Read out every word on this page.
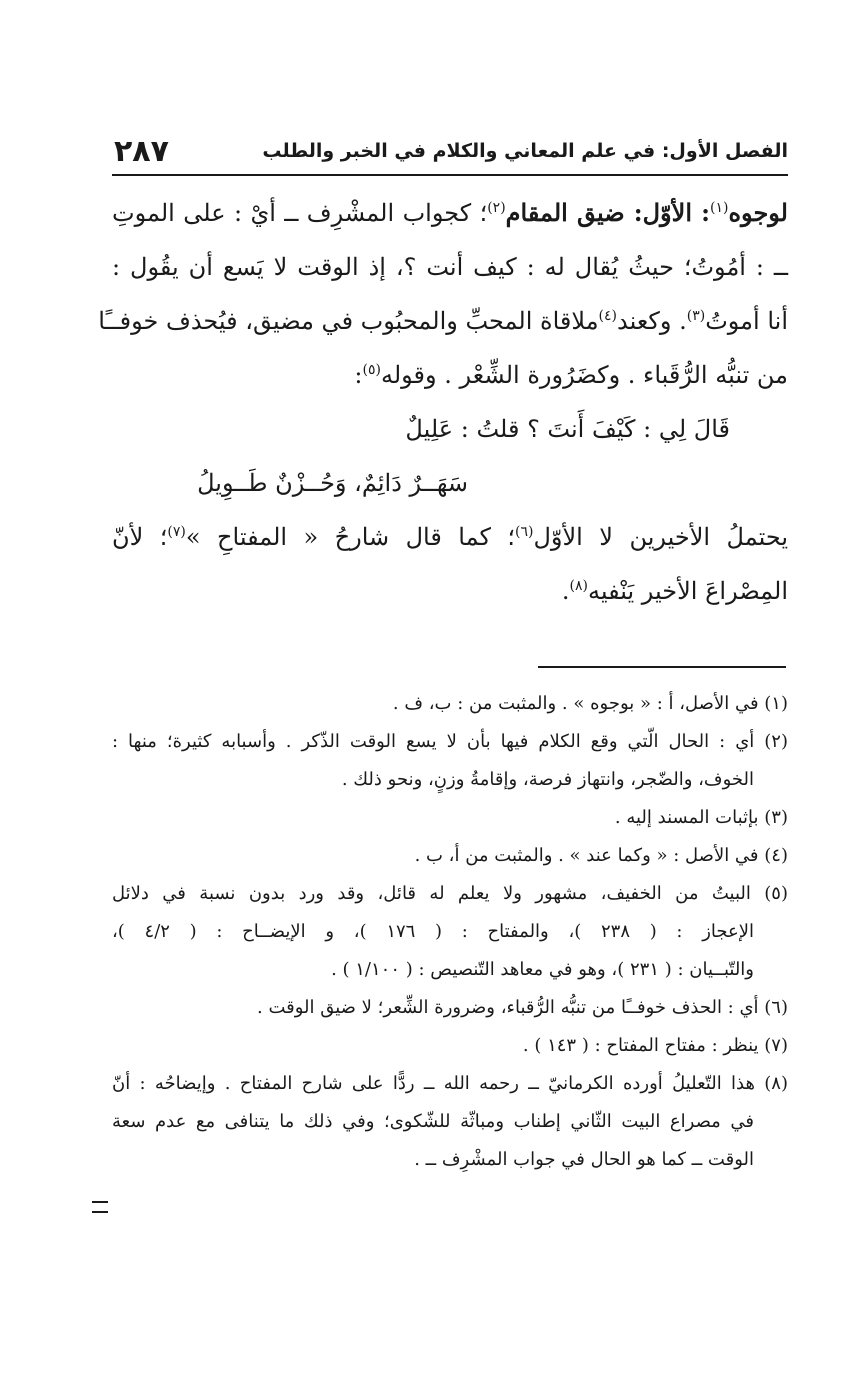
٢٨٧	الفصل الأول: في علم المعاني والكلام في الخبر والطلب
لوجوه$^{(١)}$: الأوّل: ضيق المقام$^{(٢)}$؛ كجواب المشْرِف ــ أيْ : على الموتِ
ــ : أمُوتُ؛ حيثُ يُقال له : كيف أنت ؟، إذ الوقت لا يَسع أن يقُول :
أنا أموتُ$^{(٣)}$. وكعند$^{(٤)}$ملاقاة المحبِّ والمحبُوب في مضيق، فيُحذف خوفــًا
من تنبُّه الرُّقَباء . وكضَرُورة الشِّعْر . وقوله$^{(٥)}$:
قَالَ لِي : كَيْفَ أَنتَ ؟ قلتُ : عَلِيلٌ
سَهَــرٌ دَائِمٌ، وَحُــزْنٌ طَــوِيلُ
يحتملُ الأخيرين لا الأوّل$^{(٦)}$؛ كما قال شارحُ « المفتاحِ »$^{(٧)}$؛ لأنّ
المِصْراعَ الأخير يَنْفيه$^{(٨)}$.
(١) في الأصل، أ : « بوجوه » . والمثبت من : ب، ف .
(٢) أي : الحال الّتي وقع الكلام فيها بأن لا يسع الوقت الذّكر . وأسبابه كثيرة؛ منها :
الخوف، والضّجر، وانتهاز فرصة، وإقامةُ وزنٍ، ونحو ذلك .
(٣) بإثبات المسند إليه .
(٤) في الأصل : « وكما عند » . والمثبت من أ، ب .
(٥) البيتُ من الخفيف، مشهور ولا يعلم له قائل، وقد ورد بدون نسبة في دلائل
الإعجاز : ( ٢٣٨ )، والمفتاح : ( ١٧٦ )، و الإيضــاح : ( ٤/٢ )،
والتّبــيان : ( ٢٣١ )، وهو في معاهد التّنصيص : ( ١/١٠٠ ) .
(٦) أي : الحذف خوفــًا من تنبُّه الرُّقباء، وضرورة الشِّعر؛ لا ضيق الوقت .
(٧) ينظر : مفتاح المفتاح : ( ١٤٣ ) .
(٨) هذا التّعليلُ أورده الكرمانيّ ــ رحمه الله ــ ردًّا على شارح المفتاح . وإيضاحُه : أنّ
في مصراع البيت الثّاني إطناب ومباثّة للشّكوى؛ وفي ذلك ما يتنافى مع عدم سعة
الوقت ــ كما هو الحال في جواب المشْرِف ــ .
